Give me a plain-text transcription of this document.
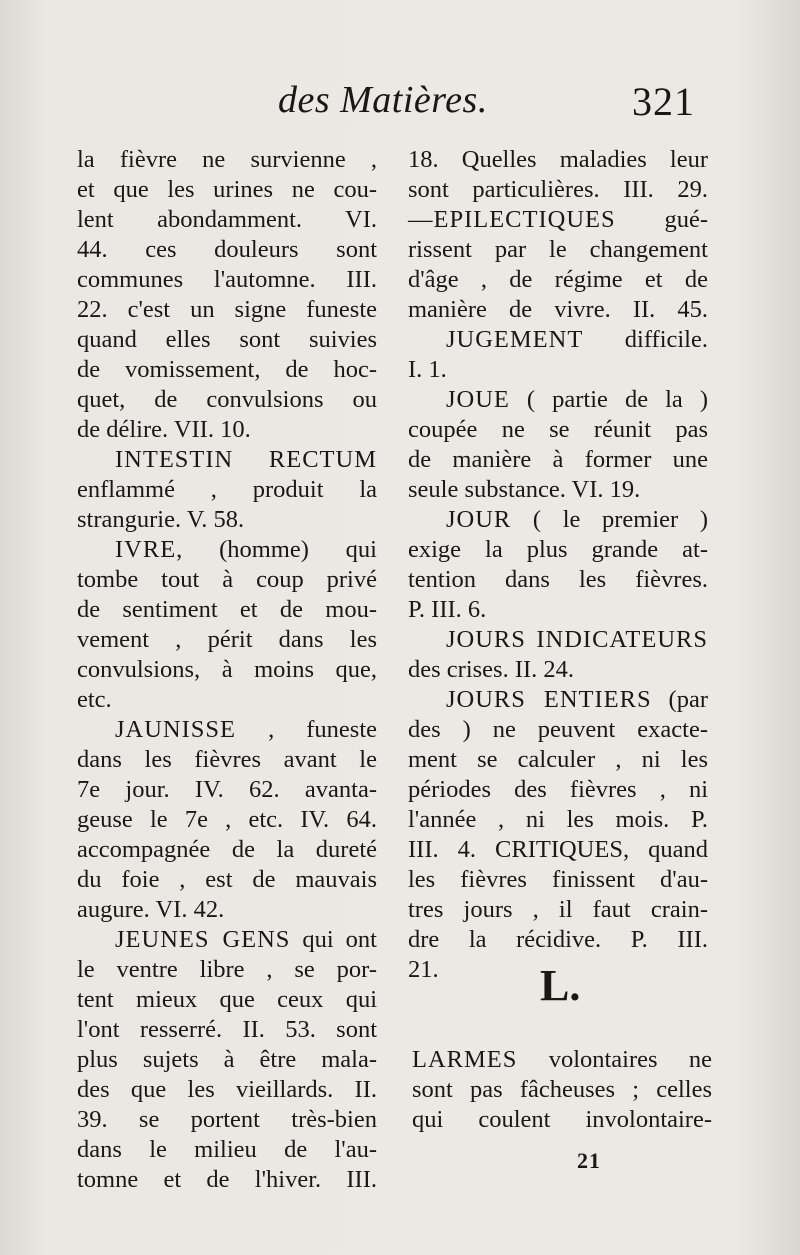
des Matières.	321
la fièvre ne survienne ,
et que les urines ne cou-
lent abondamment. VI.
44. ces douleurs sont
communes l'automne. III.
22. c'est un signe funeste
quand elles sont suivies
de vomissement, de hoc-
quet, de convulsions ou
de délire. VII. 10.
INTESTIN RECTUM
enflammé , produit la
strangurie. V. 58.
IVRE, (homme) qui
tombe tout à coup privé
de sentiment et de mou-
vement , périt dans les
convulsions, à moins que,
etc.
JAUNISSE , funeste
dans les fièvres avant le
7e jour. IV. 62. avanta-
geuse le 7e , etc. IV. 64.
accompagnée de la dureté
du foie , est de mauvais
augure. VI. 42.
JEUNES GENS qui ont
le ventre libre , se por-
tent mieux que ceux qui
l'ont resserré. II. 53. sont
plus sujets à être mala-
des que les vieillards. II.
39. se portent très-bien
dans le milieu de l'au-
tomne et de l'hiver. III.
18. Quelles maladies leur
sont particulières. III. 29.
—EPILECTIQUES gué-
rissent par le changement
d'âge , de régime et de
manière de vivre. II. 45.
JUGEMENT difficile.
I. 1.
JOUE ( partie de la )
coupée ne se réunit pas
de manière à former une
seule substance. VI. 19.
JOUR ( le premier )
exige la plus grande at-
tention dans les fièvres.
P. III. 6.
JOURS INDICATEURS
des crises. II. 24.
JOURS ENTIERS (par
des ) ne peuvent exacte-
ment se calculer , ni les
périodes des fièvres , ni
l'année , ni les mois. P.
III. 4. CRITIQUES, quand
les fièvres finissent d'au-
tres jours , il faut crain-
dre la récidive. P. III.
21.	L.
LARMES volontaires ne
sont pas fâcheuses ; celles
qui coulent involontaire-
21
